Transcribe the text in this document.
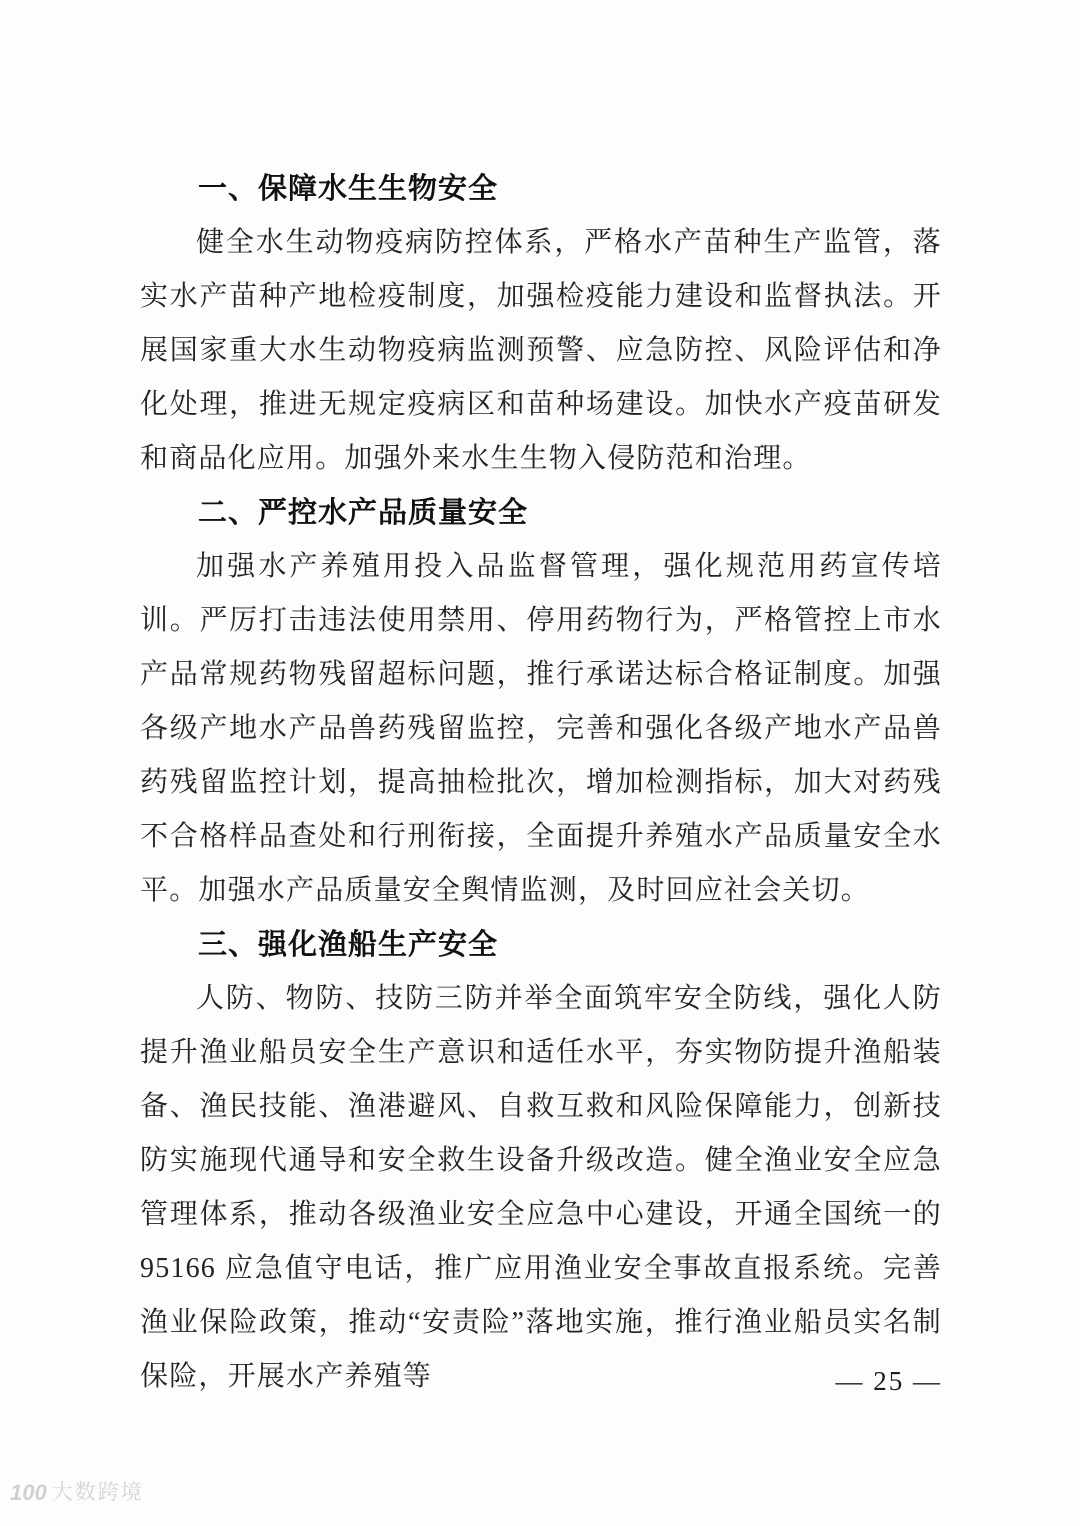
一、保障水生生物安全

健全水生动物疫病防控体系，严格水产苗种生产监管，落实水产苗种产地检疫制度，加强检疫能力建设和监督执法。开展国家重大水生动物疫病监测预警、应急防控、风险评估和净化处理，推进无规定疫病区和苗种场建设。加快水产疫苗研发和商品化应用。加强外来水生生物入侵防范和治理。

二、严控水产品质量安全

加强水产养殖用投入品监督管理，强化规范用药宣传培训。严厉打击违法使用禁用、停用药物行为，严格管控上市水产品常规药物残留超标问题，推行承诺达标合格证制度。加强各级产地水产品兽药残留监控，完善和强化各级产地水产品兽药残留监控计划，提高抽检批次，增加检测指标，加大对药残不合格样品查处和行刑衔接，全面提升养殖水产品质量安全水平。加强水产品质量安全舆情监测，及时回应社会关切。

三、强化渔船生产安全

人防、物防、技防三防并举全面筑牢安全防线，强化人防提升渔业船员安全生产意识和适任水平，夯实物防提升渔船装备、渔民技能、渔港避风、自救互救和风险保障能力，创新技防实施现代通导和安全救生设备升级改造。健全渔业安全应急管理体系，推动各级渔业安全应急中心建设，开通全国统一的 95166 应急值守电话，推广应用渔业安全事故直报系统。完善渔业保险政策，推动“安责险”落地实施，推行渔业船员实名制保险，开展水产养殖等	— 25 —
100 大数跨境
